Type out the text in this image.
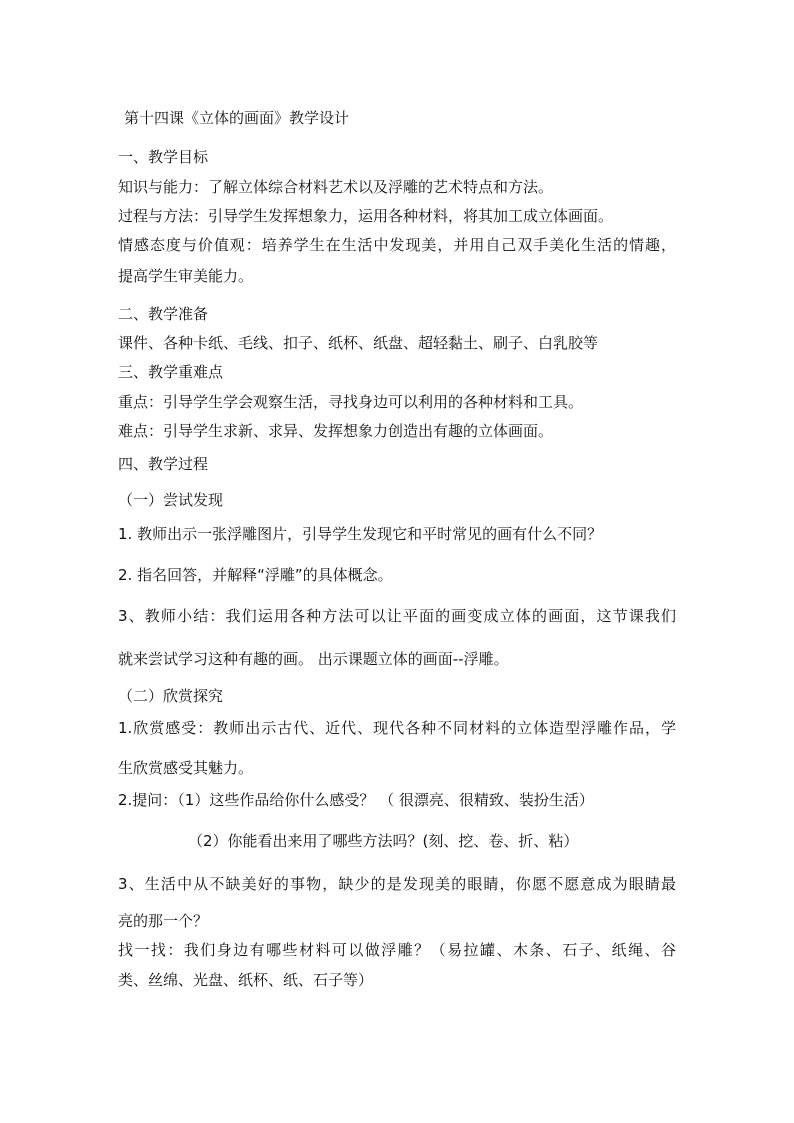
第十四课《立体的画面》教学设计
一、教学目标
知识与能力：了解立体综合材料艺术以及浮雕的艺术特点和方法。
过程与方法：引导学生发挥想象力，运用各种材料，将其加工成立体画面。
情感态度与价值观：培养学生在生活中发现美，并用自己双手美化生活的情趣，
提高学生审美能力。
二、教学准备
课件、各种卡纸、毛线、扣子、纸杯、纸盘、超轻黏土、刷子、白乳胶等
三、教学重难点
重点：引导学生学会观察生活，寻找身边可以利用的各种材料和工具。
难点：引导学生求新、求异、发挥想象力创造出有趣的立体画面。
四、教学过程
（一）尝试发现
1. 教师出示一张浮雕图片，引导学生发现它和平时常见的画有什么不同？
2. 指名回答，并解释“浮雕”的具体概念。
3、教师小结：我们运用各种方法可以让平面的画变成立体的画面，这节课我们
就来尝试学习这种有趣的画。 出示课题立体的画面--浮雕。
（二）欣赏探究
1.欣赏感受：教师出示古代、近代、现代各种不同材料的立体造型浮雕作品，学
生欣赏感受其魅力。
2.提问：（1）这些作品给你什么感受？ （ 很漂亮、很精致、装扮生活）
（2）你能看出来用了哪些方法吗？(刻、挖、卷、折、粘）
3、生活中从不缺美好的事物，缺少的是发现美的眼睛，你愿不愿意成为眼睛最
亮的那一个？
找一找：我们身边有哪些材料可以做浮雕？（易拉罐、木条、石子、纸绳、谷
类、丝绵、光盘、纸杯、纸、石子等）
